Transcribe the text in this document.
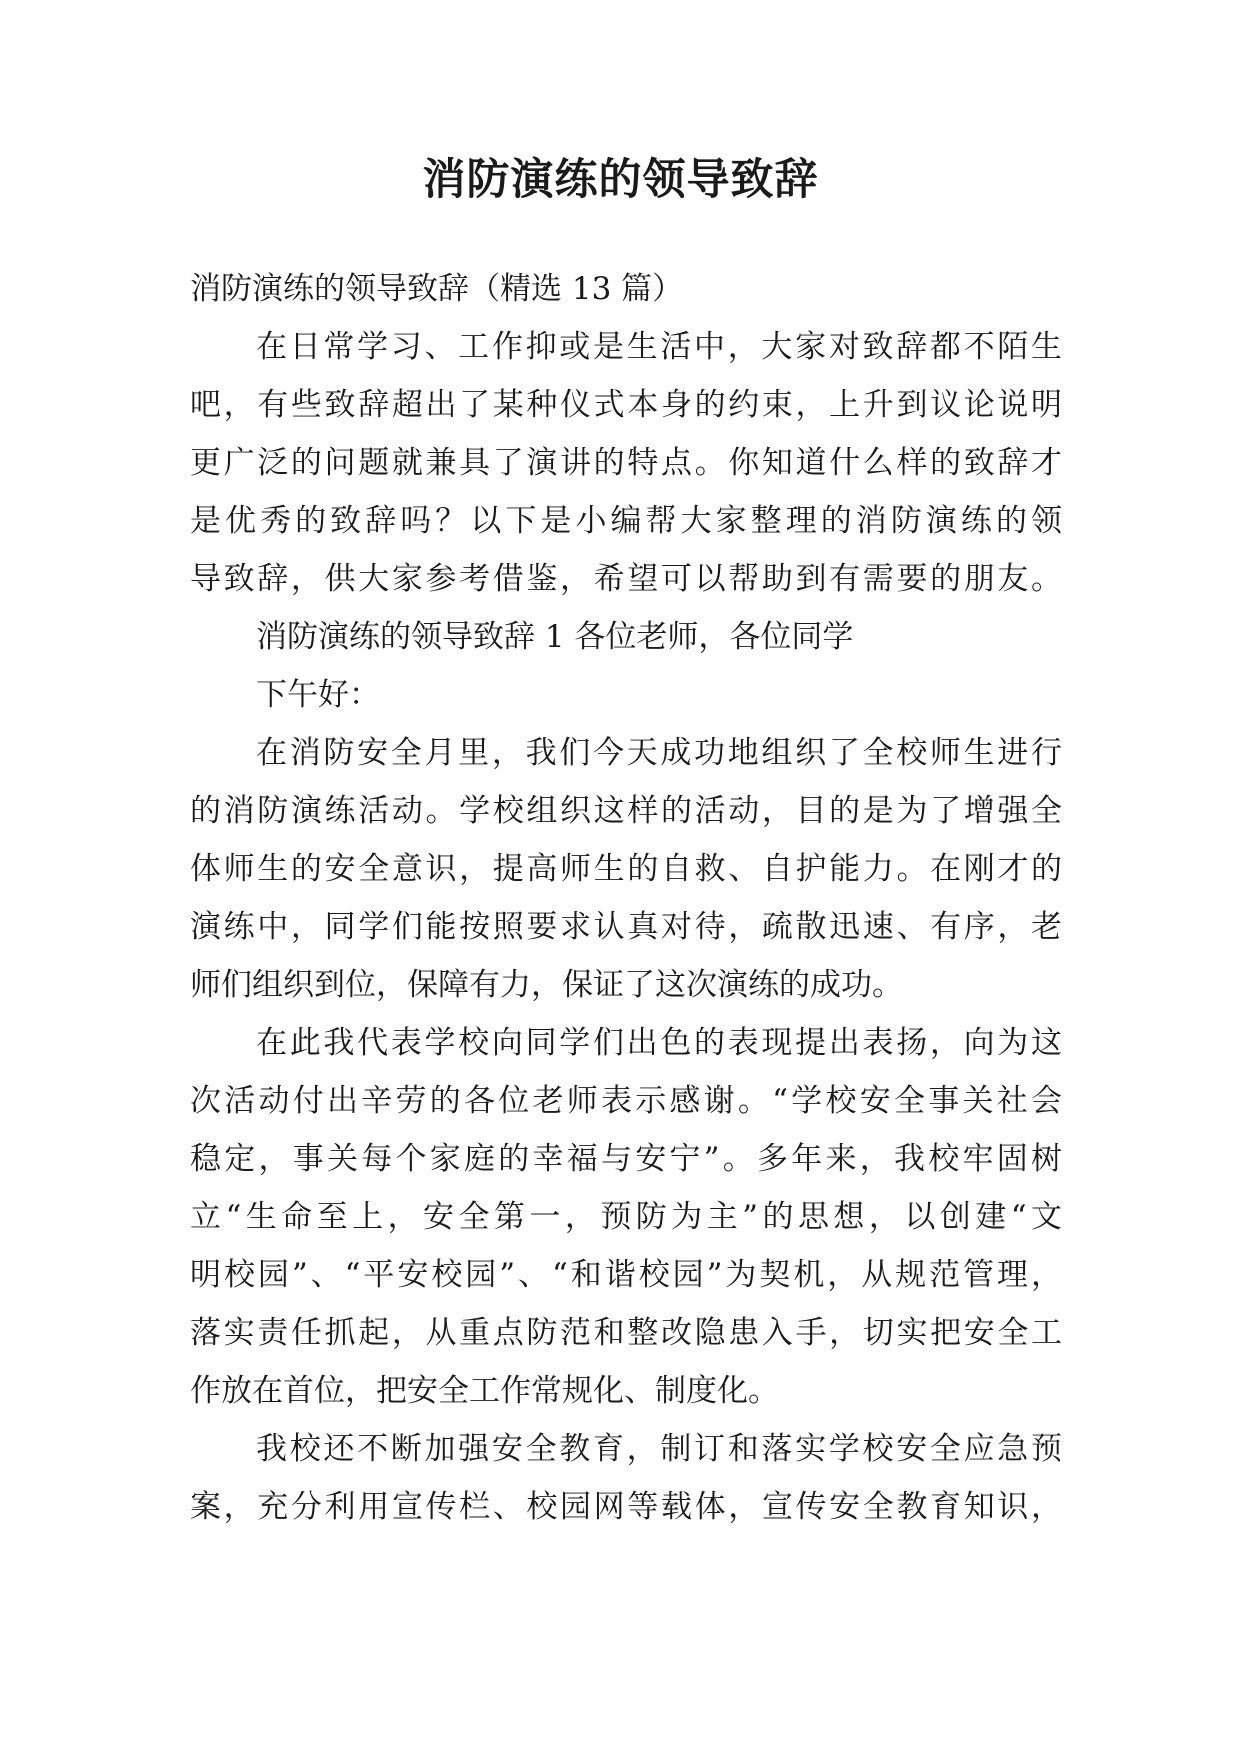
消防演练的领导致辞
消防演练的领导致辞（精选 13 篇）
在日常学习、工作抑或是生活中，大家对致辞都不陌生
吧，有些致辞超出了某种仪式本身的约束，上升到议论说明
更广泛的问题就兼具了演讲的特点。你知道什么样的致辞才
是优秀的致辞吗？以下是小编帮大家整理的消防演练的领
导致辞，供大家参考借鉴，希望可以帮助到有需要的朋友。
消防演练的领导致辞 1 各位老师，各位同学
下午好：
在消防安全月里，我们今天成功地组织了全校师生进行
的消防演练活动。学校组织这样的活动，目的是为了增强全
体师生的安全意识，提高师生的自救、自护能力。在刚才的
演练中，同学们能按照要求认真对待，疏散迅速、有序，老
师们组织到位，保障有力，保证了这次演练的成功。
在此我代表学校向同学们出色的表现提出表扬，向为这
次活动付出辛劳的各位老师表示感谢。“学校安全事关社会
稳定，事关每个家庭的幸福与安宁”。多年来，我校牢固树
立“生命至上，安全第一，预防为主”的思想，以创建“文
明校园”、“平安校园”、“和谐校园”为契机，从规范管理，
落实责任抓起，从重点防范和整改隐患入手，切实把安全工
作放在首位，把安全工作常规化、制度化。
我校还不断加强安全教育，制订和落实学校安全应急预
案，充分利用宣传栏、校园网等载体，宣传安全教育知识，
